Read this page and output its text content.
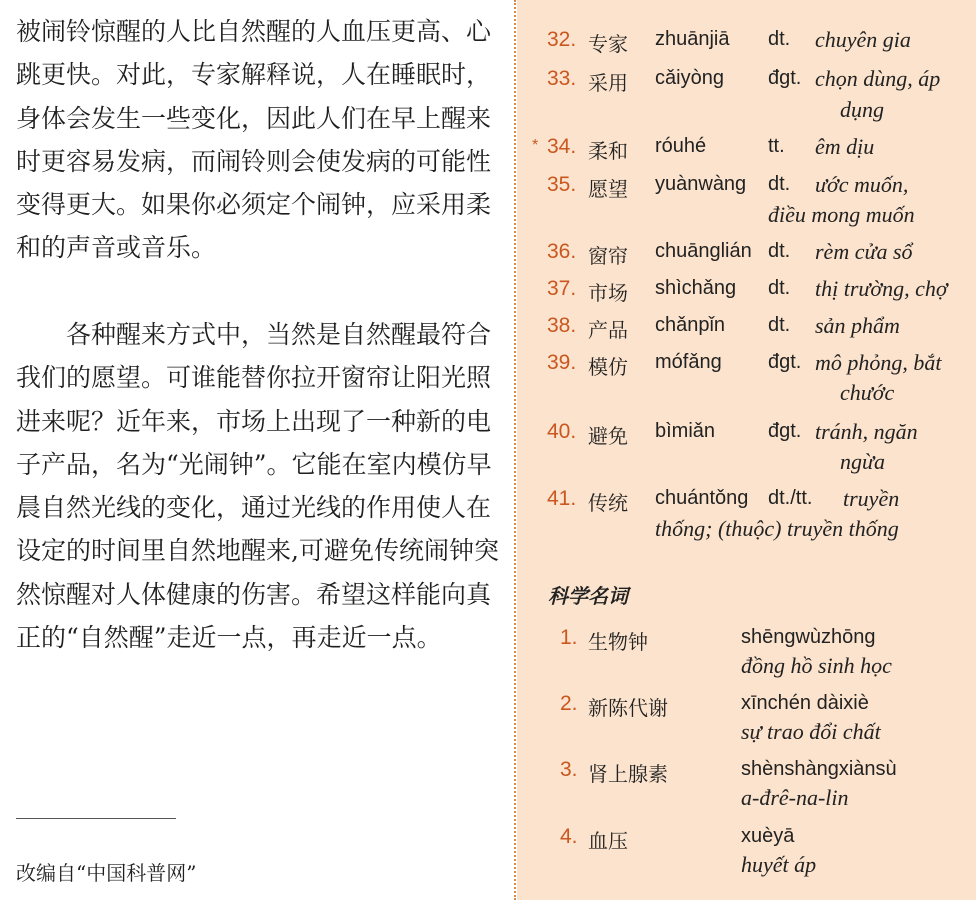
被闹铃惊醒的人比自然醒的人血压更高、心跳更快。对此，专家解释说，人在睡眠时，身体会发生一些变化，因此人们在早上醒来时更容易发病，而闹铃则会使发病的可能性变得更大。如果你必须定个闹钟，应采用柔和的声音或音乐。

各种醒来方式中，当然是自然醒最符合我们的愿望。可谁能替你拉开窗帘让阳光照进来呢？近年来，市场上出现了一种新的电子产品，名为“光闹钟”。它能在室内模仿早晨自然光线的变化，通过光线的作用使人在设定的时间里自然地醒来,可避免传统闹钟突然惊醒对人体健康的伤害。希望这样能向真正的“自然醒”走近一点，再走近一点。

改编自“中国科普网”
32. 专家 zhuānjiā dt. chuyên gia
33. 采用 cǎiyòng đgt. chọn dùng, áp
dụng
* 34. 柔和 róuhé	tt. êm dịu
35. 愿望 yuànwàng dt. ước muốn,
điều mong muốn
36. 窗帘 chuānglián dt. rèm cửa sổ
37. 市场 shìchǎng dt. thị trường, chợ
38. 产品 chǎnpǐn dt. sản phẩm
39. 模仿 mófǎng đgt. mô phỏng, bắt
chước
40. 避免 bìmiǎn	đgt. tránh, ngăn
ngừa
41. 传统 chuántǒng dt./tt. truyền
thống; (thuộc) truyền thống
科学名词
1. 生物钟	shēngwùzhōng
đồng hồ sinh học
2. 新陈代谢	xīnchén dàixiè
sự trao đổi chất
3. 肾上腺素	shènshàngxiànsù
a-đrê-na-lin
4. 血压	xuèyā
huyết áp
